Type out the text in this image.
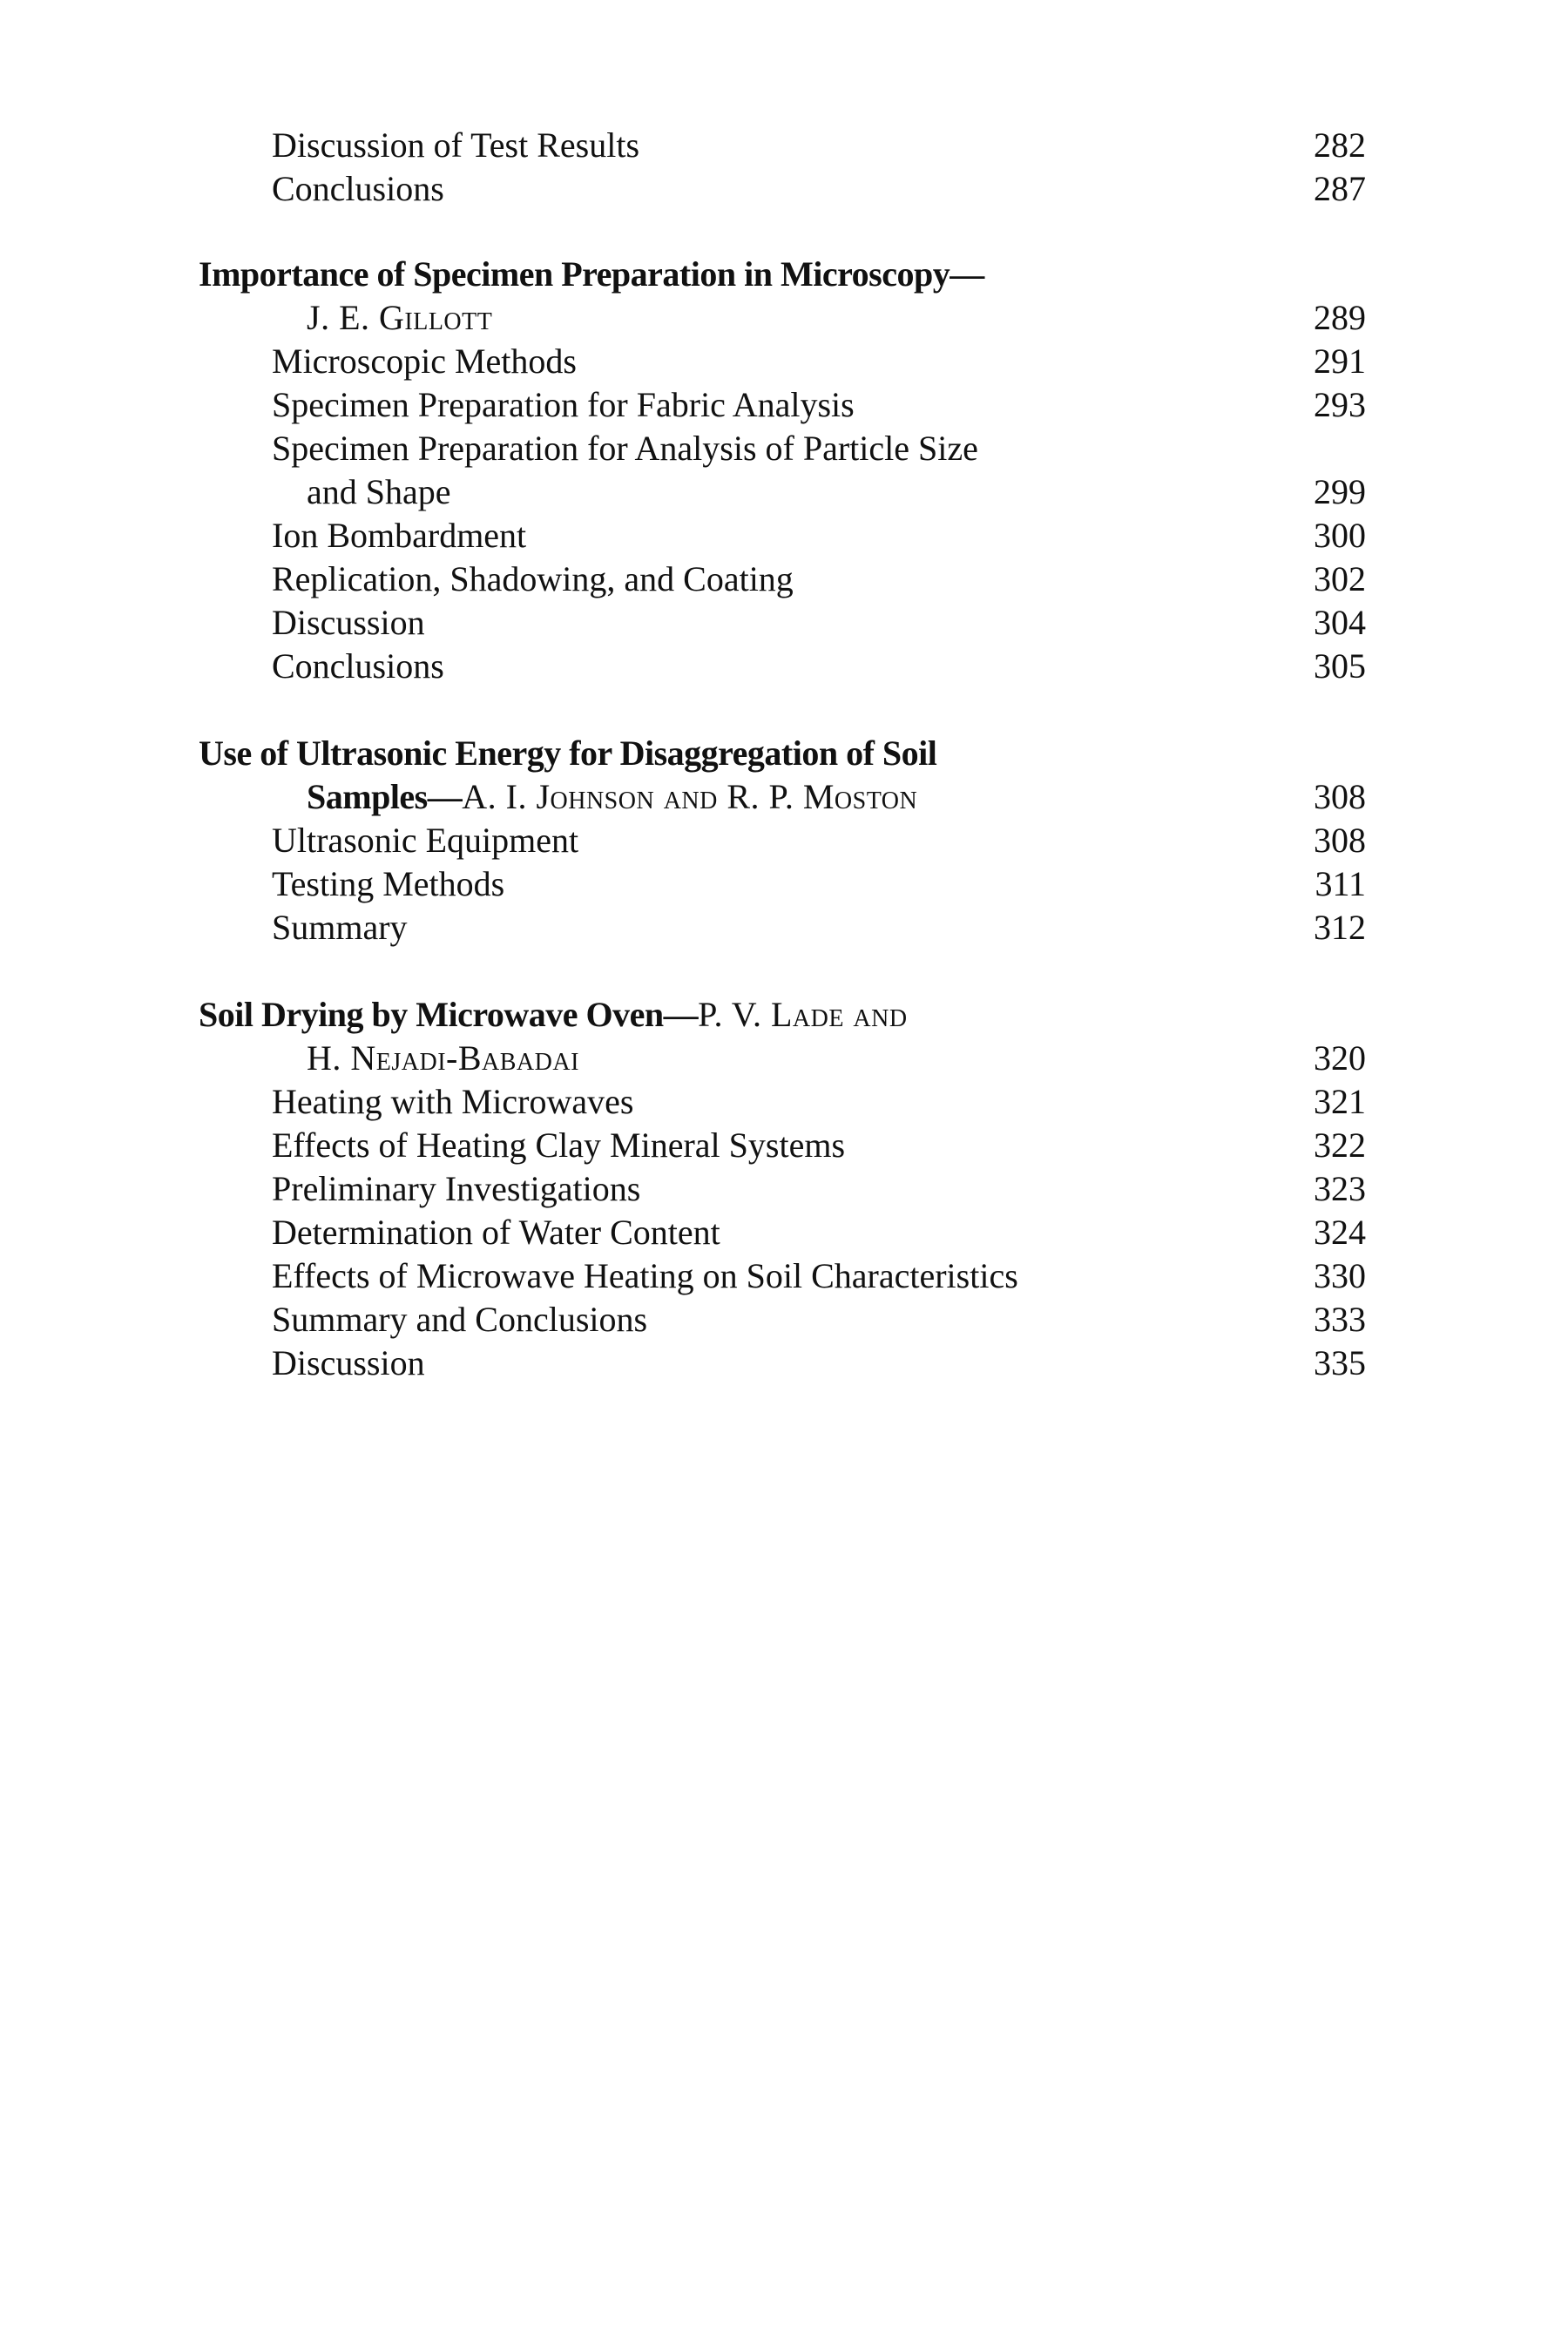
Discussion of Test Results	282
Conclusions	287
Importance of Specimen Preparation in Microscopy—
J. E. Gillott	289
Microscopic Methods	291
Specimen Preparation for Fabric Analysis	293
Specimen Preparation for Analysis of Particle Size
and Shape	299
Ion Bombardment	300
Replication, Shadowing, and Coating	302
Discussion	304
Conclusions	305
Use of Ultrasonic Energy for Disaggregation of Soil
Samples—A. I. Johnson and R. P. Moston	308
Ultrasonic Equipment	308
Testing Methods	311
Summary	312
Soil Drying by Microwave Oven—P. V. Lade and
H. Nejadi-Babadai	320
Heating with Microwaves	321
Effects of Heating Clay Mineral Systems	322
Preliminary Investigations	323
Determination of Water Content	324
Effects of Microwave Heating on Soil Characteristics	330
Summary and Conclusions	333
Discussion	335
